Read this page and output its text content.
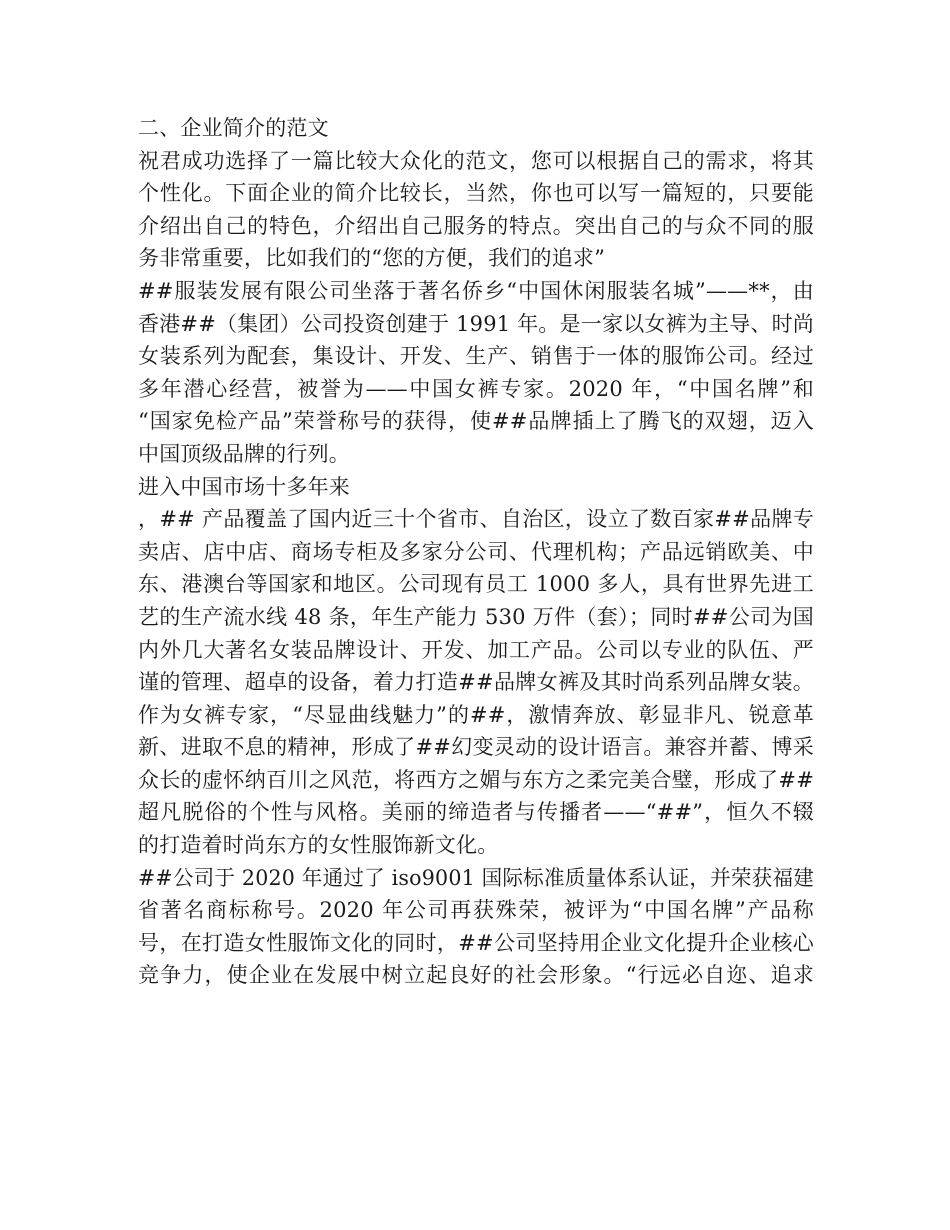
二、企业简介的范文
祝君成功选择了一篇比较大众化的范文，您可以根据自己的需求，将其
个性化。下面企业的简介比较长，当然，你也可以写一篇短的，只要能
介绍出自己的特色，介绍出自己服务的特点。突出自己的与众不同的服
务非常重要，比如我们的“您的方便，我们的追求”
##服装发展有限公司坐落于著名侨乡“中国休闲服装名城”——**，由
香港##（集团）公司投资创建于 1991 年。是一家以女裤为主导、时尚
女装系列为配套，集设计、开发、生产、销售于一体的服饰公司。经过
多年潜心经营，被誉为——中国女裤专家。2020 年，“中国名牌”和
“国家免检产品”荣誉称号的获得，使##品牌插上了腾飞的双翅，迈入
中国顶级品牌的行列。
进入中国市场十多年来
，## 产品覆盖了国内近三十个省市、自治区，设立了数百家##品牌专
卖店、店中店、商场专柜及多家分公司、代理机构；产品远销欧美、中
东、港澳台等国家和地区。公司现有员工 1000 多人，具有世界先进工
艺的生产流水线 48 条，年生产能力 530 万件（套）；同时##公司为国
内外几大著名女装品牌设计、开发、加工产品。公司以专业的队伍、严
谨的管理、超卓的设备，着力打造##品牌女裤及其时尚系列品牌女装。
作为女裤专家，“尽显曲线魅力”的##，激情奔放、彰显非凡、锐意革
新、进取不息的精神，形成了##幻变灵动的设计语言。兼容并蓄、博采
众长的虚怀纳百川之风范，将西方之媚与东方之柔完美合璧，形成了##
超凡脱俗的个性与风格。美丽的缔造者与传播者——“##”，恒久不辍
的打造着时尚东方的女性服饰新文化。
##公司于 2020 年通过了 iso9001 国际标准质量体系认证，并荣获福建
省著名商标称号。2020 年公司再获殊荣，被评为“中国名牌”产品称
号，在打造女性服饰文化的同时，##公司坚持用企业文化提升企业核心
竞争力，使企业在发展中树立起良好的社会形象。“行远必自迩、追求
